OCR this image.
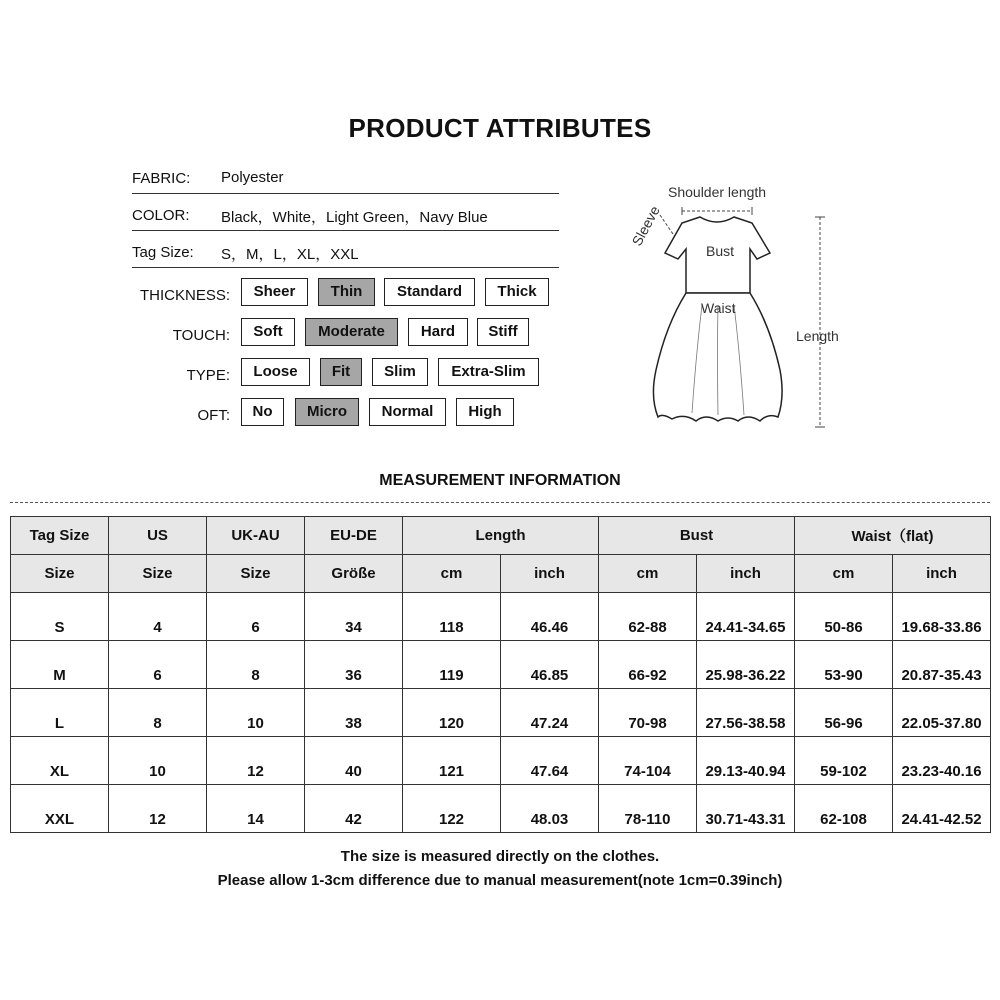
PRODUCT ATTRIBUTES
FABRIC: Polyester
COLOR: Black，White，Light Green，Navy Blue
Tag Size: S，M，L，XL，XXL
THICKNESS:	Sheer	Thin	Standard	Thick
TOUCH:	Soft	Moderate	Hard	Stiff
TYPE:	Loose	Fit	Slim	Extra-Slim
OFT:	No	Micro	Normal	High
Shoulder length
Sleeve
Bust
Waist
Length
MEASUREMENT INFORMATION
Tag Size	US	UK-AU	EU-DE	Length		Bust		Waist（flat)	
Size	Size	Size	Größe	cm	inch	cm	inch	cm	inch
S	4	6	34	118	46.46	62-88	24.41-34.65	50-86	19.68-33.86
M	6	8	36	119	46.85	66-92	25.98-36.22	53-90	20.87-35.43
L	8	10	38	120	47.24	70-98	27.56-38.58	56-96	22.05-37.80
XL	10	12	40	121	47.64	74-104	29.13-40.94	59-102	23.23-40.16
XXL	12	14	42	122	48.03	78-110	30.71-43.31	62-108	24.41-42.52
The size is measured directly on the clothes.
Please allow 1-3cm difference due to manual measurement(note 1cm=0.39inch)
